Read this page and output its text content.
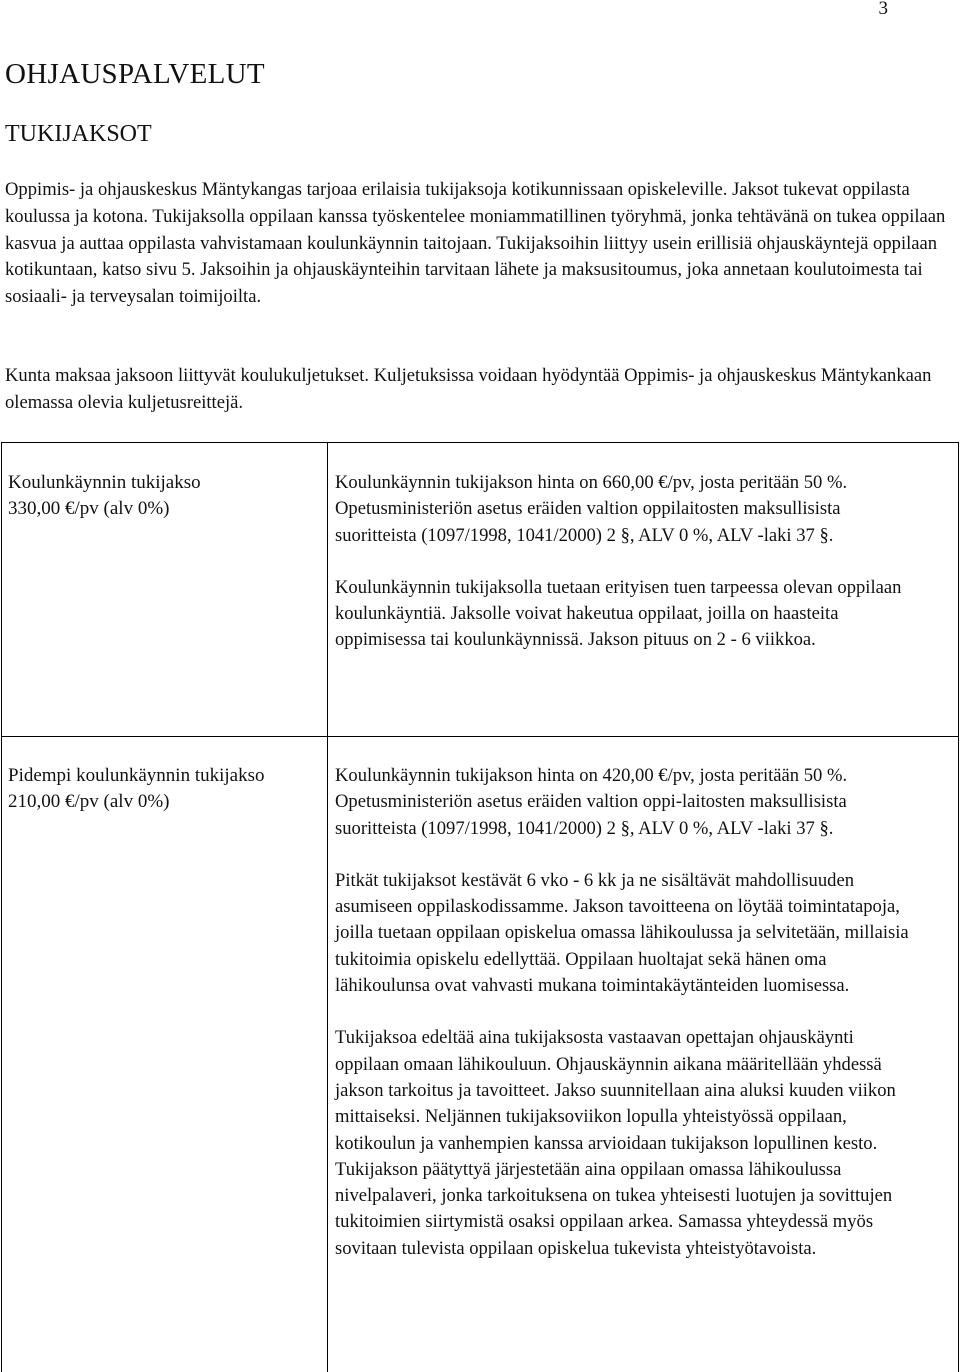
3
OHJAUSPALVELUT
TUKIJAKSOT

Oppimis- ja ohjauskeskus Mäntykangas tarjoaa erilaisia tukijaksoja kotikunnissaan opiskeleville. Jaksot tukevat oppilasta koulussa ja kotona. Tukijaksolla oppilaan kanssa työskentelee moniammatillinen työryhmä, jonka tehtävänä on tukea oppilaan kasvua ja auttaa oppilasta vahvistamaan koulunkäynnin taitojaan. Tukijaksoihin liittyy usein erillisiä ohjauskäyntejä oppilaan kotikuntaan, katso sivu 5. Jaksoihin ja ohjauskäynteihin tarvitaan lähete ja maksusitoumus, joka annetaan koulutoimesta tai sosiaali- ja terveysalan toimijoilta.

Kunta maksaa jaksoon liittyvät koulukuljetukset. Kuljetuksissa voidaan hyödyntää Oppimis- ja ohjauskeskus Mäntykankaan olemassa olevia kuljetusreittejä.

Koulunkäynnin tukijakso
330,00 €/pv (alv 0%)

Koulunkäynnin tukijakson hinta on 660,00 €/pv, josta peritään 50 %. Opetusministeriön asetus eräiden valtion oppilaitosten maksullisista suoritteista (1097/1998, 1041/2000) 2 §, ALV 0 %, ALV -laki 37 §.

Koulunkäynnin tukijaksolla tuetaan erityisen tuen tarpeessa olevan oppilaan koulunkäyntiä. Jaksolle voivat hakeutua oppilaat, joilla on haasteita oppimisessa tai koulunkäynnissä. Jakson pituus on 2 - 6 viikkoa.

Pidempi koulunkäynnin tukijakso
210,00 €/pv (alv 0%)

Koulunkäynnin tukijakson hinta on 420,00 €/pv, josta peritään 50 %. Opetusministeriön asetus eräiden valtion oppi-laitosten maksullisista suoritteista (1097/1998, 1041/2000) 2 §, ALV 0 %, ALV -laki 37 §.

Pitkät tukijaksot kestävät 6 vko - 6 kk ja ne sisältävät mahdollisuuden asumiseen oppilaskodissamme. Jakson tavoitteena on löytää toimintatapoja, joilla tuetaan oppilaan opiskelua omassa lähikoulussa ja selvitetään, millaisia tukitoimia opiskelu edellyttää. Oppilaan huoltajat sekä hänen oma lähikoulunsa ovat vahvasti mukana toimintakäytänteiden luomisessa.

Tukijaksoa edeltää aina tukijaksosta vastaavan opettajan ohjauskäynti oppilaan omaan lähikouluun. Ohjauskäynnin aikana määritellään yhdessä jakson tarkoitus ja tavoitteet. Jakso suunnitellaan aina aluksi kuuden viikon mittaiseksi. Neljännen tukijaksoviikon lopulla yhteistyössä oppilaan, kotikoulun ja vanhempien kanssa arvioidaan tukijakson lopullinen kesto. Tukijakson päätyttyä järjestetään aina oppilaan omassa lähikoulussa nivelpalaveri, jonka tarkoituksena on tukea yhteisesti luotujen ja sovittujen tukitoimien siirtymistä osaksi oppilaan arkea. Samassa yhteydessä myös sovitaan tulevista oppilaan opiskelua tukevista yhteistyötavoista.
